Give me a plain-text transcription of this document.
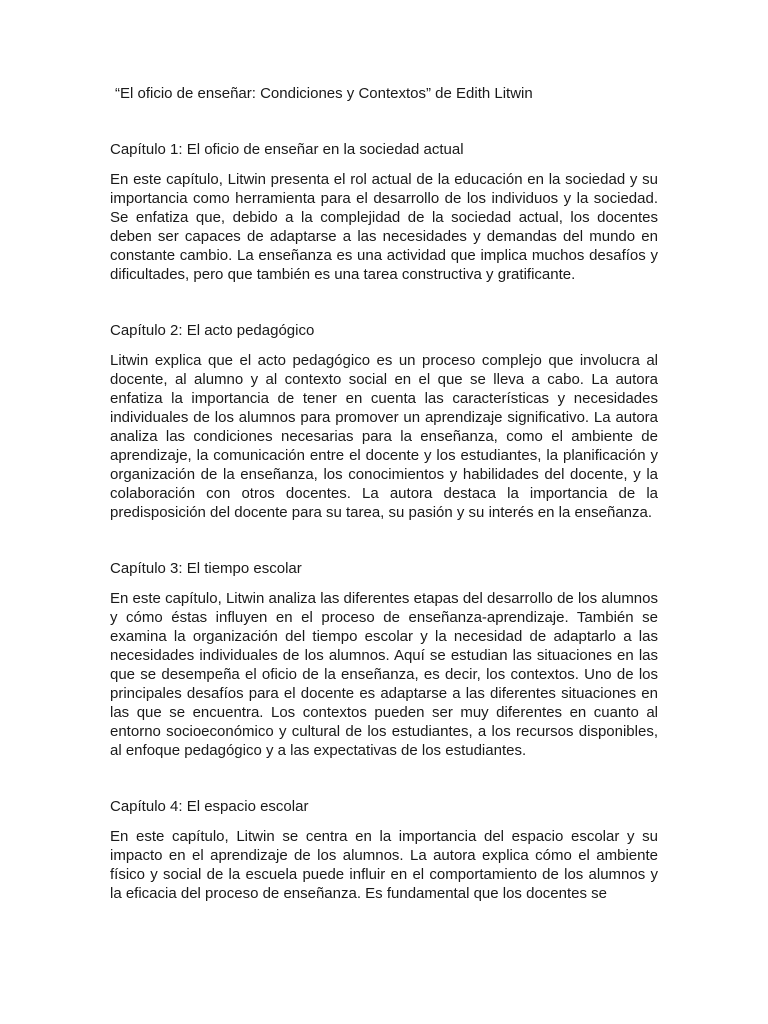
“El oficio de enseñar: Condiciones y Contextos” de Edith Litwin
Capítulo 1: El oficio de enseñar en la sociedad actual

En este capítulo, Litwin presenta el rol actual de la educación en la sociedad y su importancia como herramienta para el desarrollo de los individuos y la sociedad. Se enfatiza que, debido a la complejidad de la sociedad actual, los docentes deben ser capaces de adaptarse a las necesidades y demandas del mundo en constante cambio. La enseñanza es una actividad que implica muchos desafíos y dificultades, pero que también es una tarea constructiva y gratificante.

Capítulo 2: El acto pedagógico

Litwin explica que el acto pedagógico es un proceso complejo que involucra al docente, al alumno y al contexto social en el que se lleva a cabo. La autora enfatiza la importancia de tener en cuenta las características y necesidades individuales de los alumnos para promover un aprendizaje significativo. La autora analiza las condiciones necesarias para la enseñanza, como el ambiente de aprendizaje, la comunicación entre el docente y los estudiantes, la planificación y organización de la enseñanza, los conocimientos y habilidades del docente, y la colaboración con otros docentes. La autora destaca la importancia de la predisposición del docente para su tarea, su pasión y su interés en la enseñanza.

Capítulo 3: El tiempo escolar

En este capítulo, Litwin analiza las diferentes etapas del desarrollo de los alumnos y cómo éstas influyen en el proceso de enseñanza-aprendizaje. También se examina la organización del tiempo escolar y la necesidad de adaptarlo a las necesidades individuales de los alumnos. Aquí se estudian las situaciones en las que se desempeña el oficio de la enseñanza, es decir, los contextos. Uno de los principales desafíos para el docente es adaptarse a las diferentes situaciones en las que se encuentra. Los contextos pueden ser muy diferentes en cuanto al entorno socioeconómico y cultural de los estudiantes, a los recursos disponibles, al enfoque pedagógico y a las expectativas de los estudiantes.

Capítulo 4: El espacio escolar

En este capítulo, Litwin se centra en la importancia del espacio escolar y su impacto en el aprendizaje de los alumnos. La autora explica cómo el ambiente físico y social de la escuela puede influir en el comportamiento de los alumnos y la eficacia del proceso de enseñanza. Es fundamental que los docentes se
